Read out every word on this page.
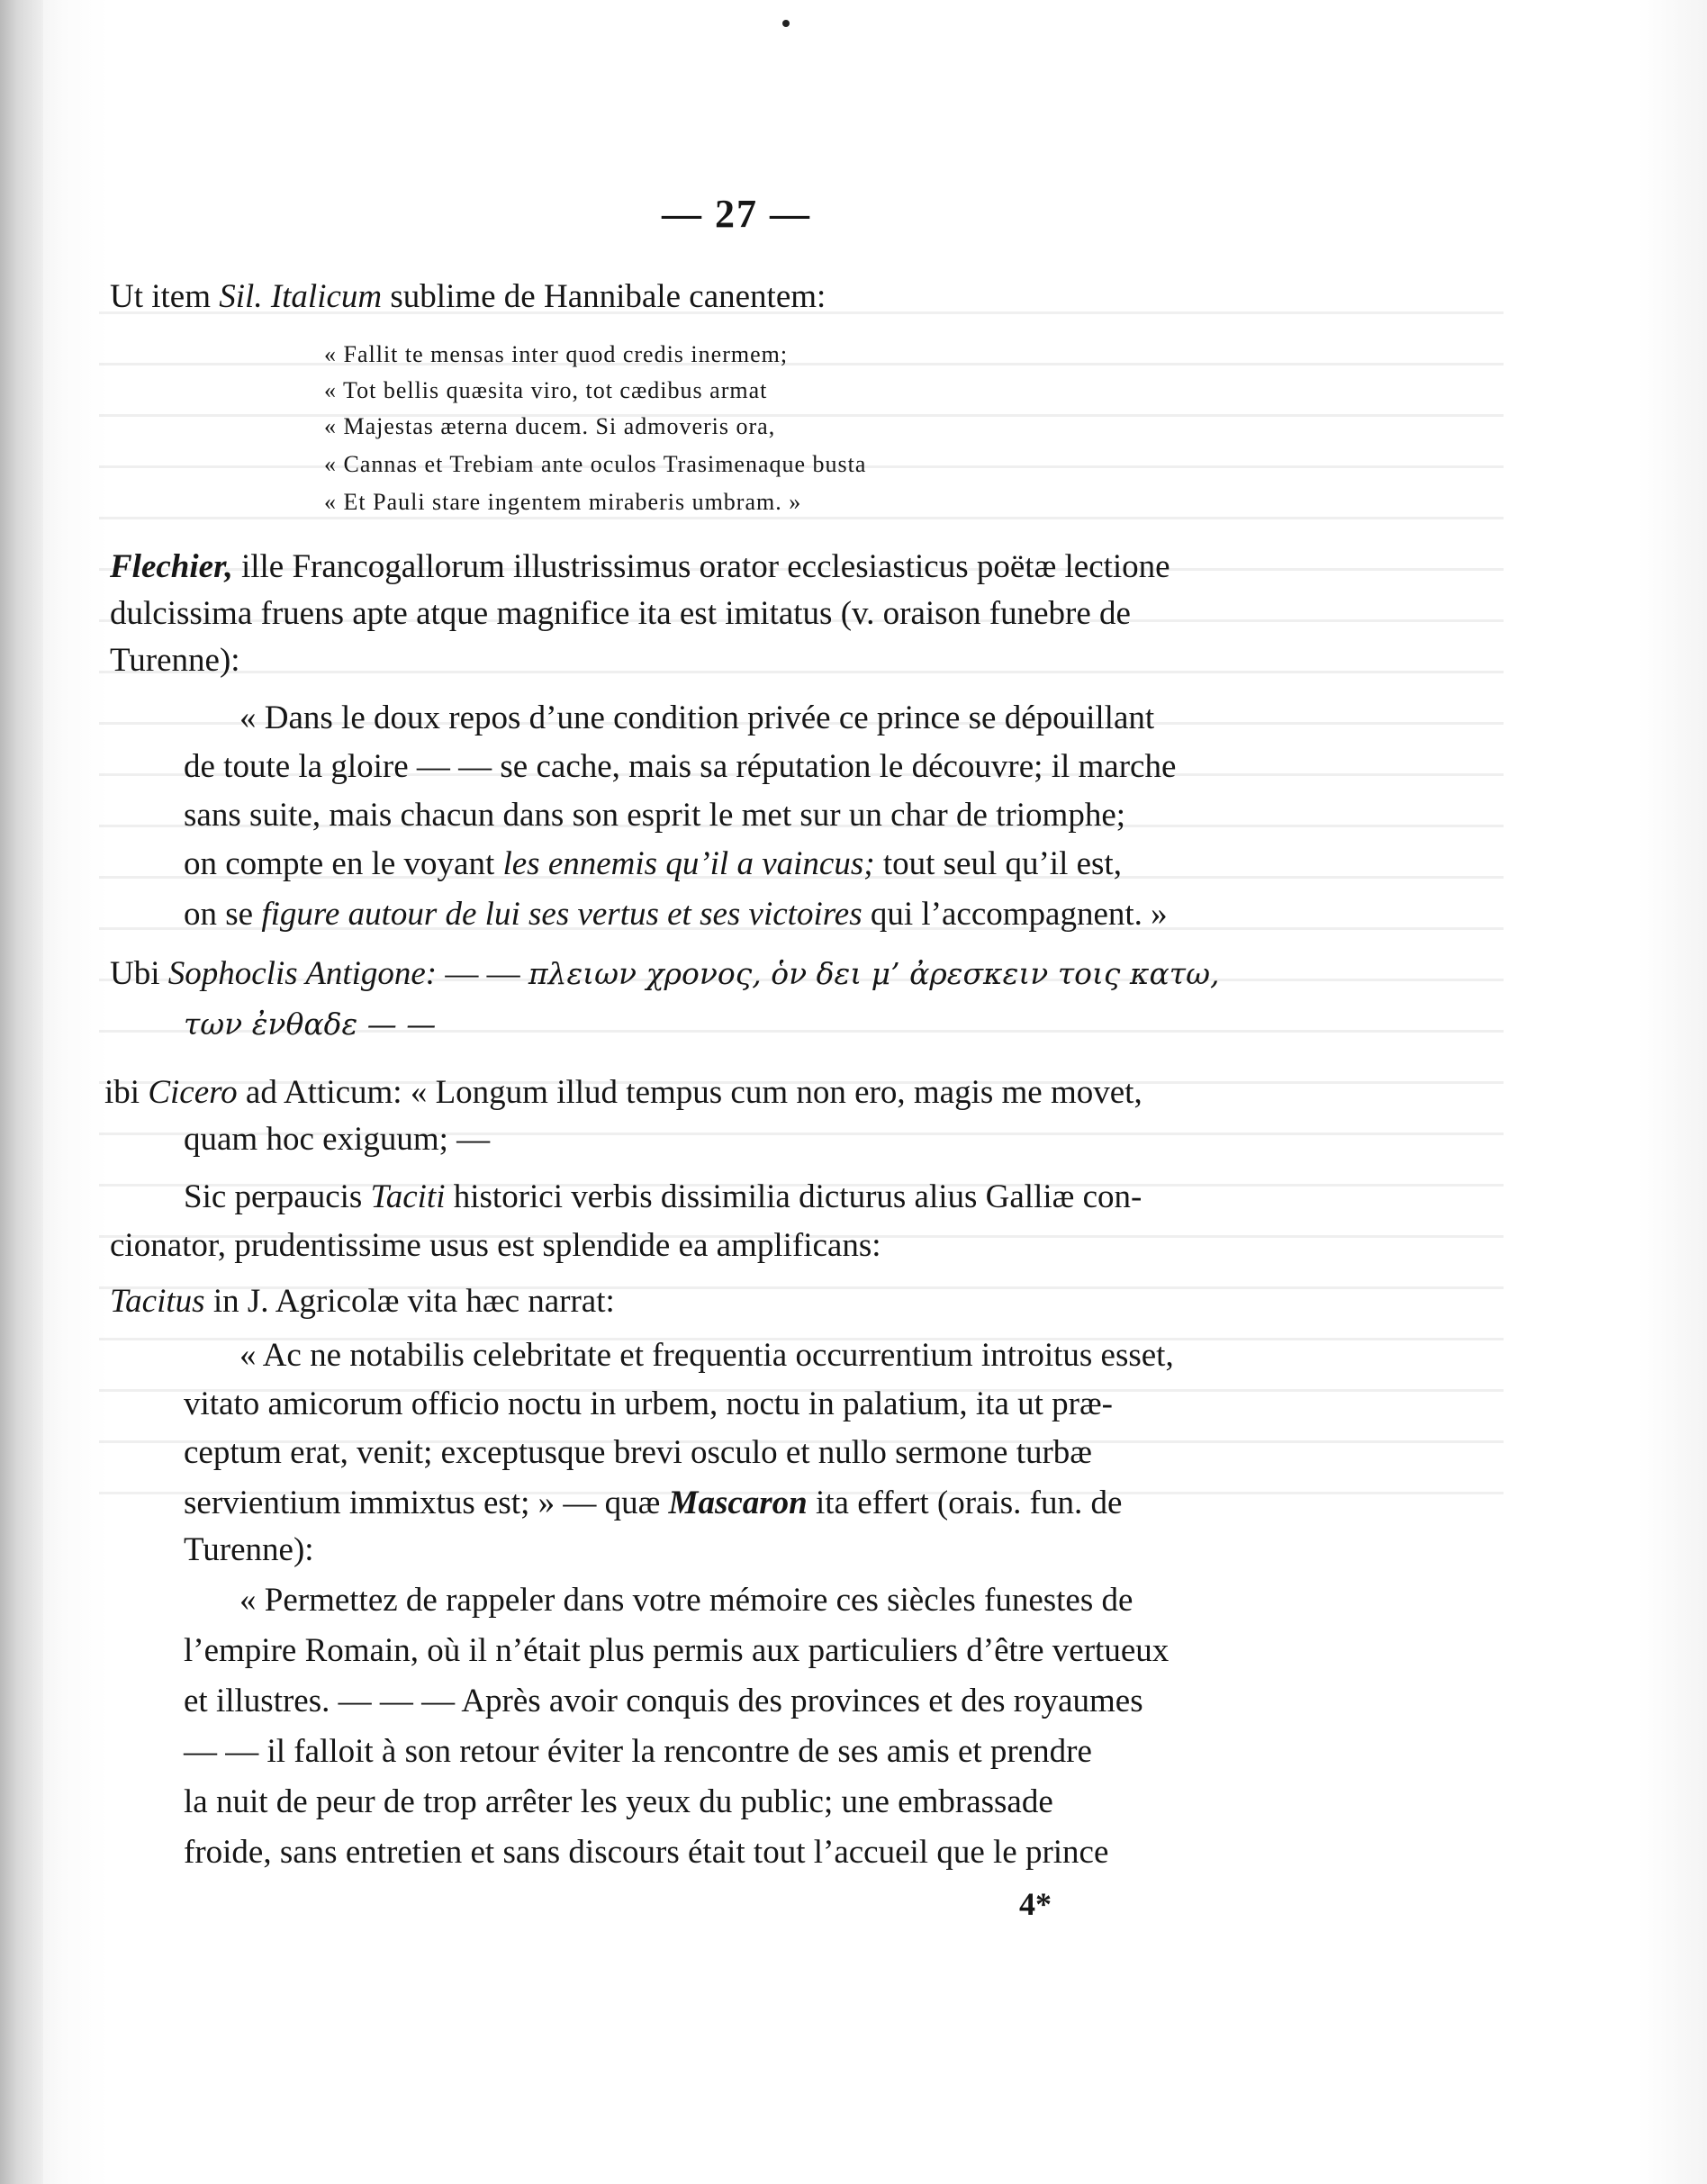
— 27 —
Ut item Sil. Italicum sublime de Hannibale canentem:
« Fallit te mensas inter quod credis inermem;
« Tot bellis quæsita viro, tot cædibus armat
« Majestas æterna ducem. Si admoveris ora,
« Cannas et Trebiam ante oculos Trasimenaque busta
« Et Pauli stare ingentem miraberis umbram. »
Flechier, ille Francogallorum illustrissimus orator ecclesiasticus poëtæ lectione
dulcissima fruens apte atque magnifice ita est imitatus (v. oraison funebre de
Turenne):
« Dans le doux repos d’une condition privée ce prince se dépouillant
de toute la gloire — — se cache, mais sa réputation le découvre; il marche
sans suite, mais chacun dans son esprit le met sur un char de triomphe;
on compte en le voyant les ennemis qu’il a vaincus; tout seul qu’il est,
on se figure autour de lui ses vertus et ses victoires qui l’accompagnent. »
Ubi Sophoclis Antigone: — — πλειων χρονος, ὁν δει μ’ ἀρεσκειν τοις κατω,
των ἐνθαδε — —
ibi Cicero ad Atticum: « Longum illud tempus cum non ero, magis me movet,
quam hoc exiguum; —
Sic perpaucis Taciti historici verbis dissimilia dicturus alius Galliæ con-
cionator, prudentissime usus est splendide ea amplificans:
Tacitus in J. Agricolæ vita hæc narrat:
« Ac ne notabilis celebritate et frequentia occurrentium introitus esset,
vitato amicorum officio noctu in urbem, noctu in palatium, ita ut præ-
ceptum erat, venit; exceptusque brevi osculo et nullo sermone turbæ
servientium immixtus est; » — quæ Mascaron ita effert (orais. fun. de
Turenne):
« Permettez de rappeler dans votre mémoire ces siècles funestes de
l’empire Romain, où il n’était plus permis aux particuliers d’être vertueux
et illustres. — — — Après avoir conquis des provinces et des royaumes
— — il falloit à son retour éviter la rencontre de ses amis et prendre
la nuit de peur de trop arrêter les yeux du public; une embrassade
froide, sans entretien et sans discours était tout l’accueil que le prince
4*
